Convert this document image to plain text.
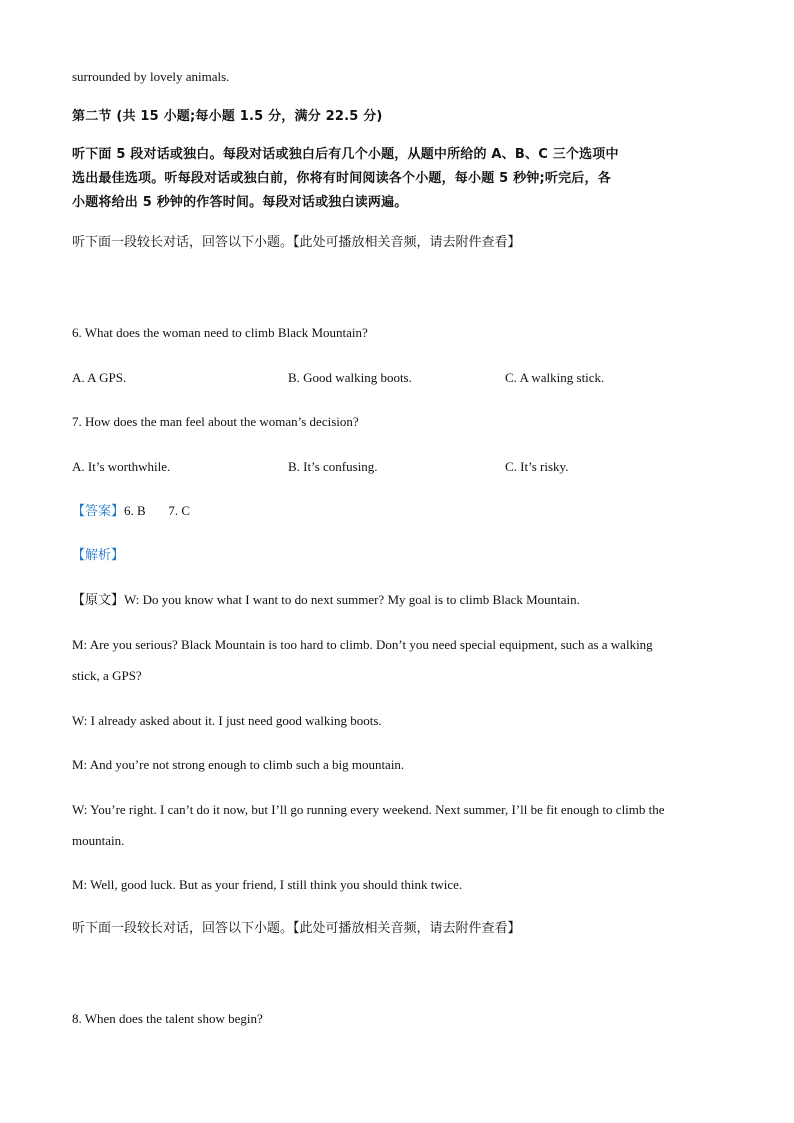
surrounded by lovely animals.
第二节 (共 15 小题;每小题 1.5 分，满分 22.5 分)
听下面 5 段对话或独白。每段对话或独白后有几个小题，从题中所给的 A、B、C 三个选项中
选出最佳选项。听每段对话或独白前，你将有时间阅读各个小题，每小题 5 秒钟;听完后，各
小题将给出 5 秒钟的作答时间。每段对话或独白读两遍。
听下面一段较长对话，回答以下小题。【此处可播放相关音频，请去附件查看】
6. What does the woman need to climb Black Mountain?
A. A GPS.	B. Good walking boots.	C. A walking stick.
7. How does the man feel about the woman’s decision?
A. It’s worthwhile.	B. It’s confusing.	C. It’s risky.
【答案】6. B       7. C
【解析】
【原文】W: Do you know what I want to do next summer? My goal is to climb Black Mountain.
M: Are you serious? Black Mountain is too hard to climb. Don’t you need special equipment, such as a walking
stick, a GPS?
W: I already asked about it. I just need good walking boots.
M: And you’re not strong enough to climb such a big mountain.
W: You’re right. I can’t do it now, but I’ll go running every weekend. Next summer, I’ll be fit enough to climb the
mountain.
M: Well, good luck. But as your friend, I still think you should think twice.
听下面一段较长对话，回答以下小题。【此处可播放相关音频，请去附件查看】
8. When does the talent show begin?
